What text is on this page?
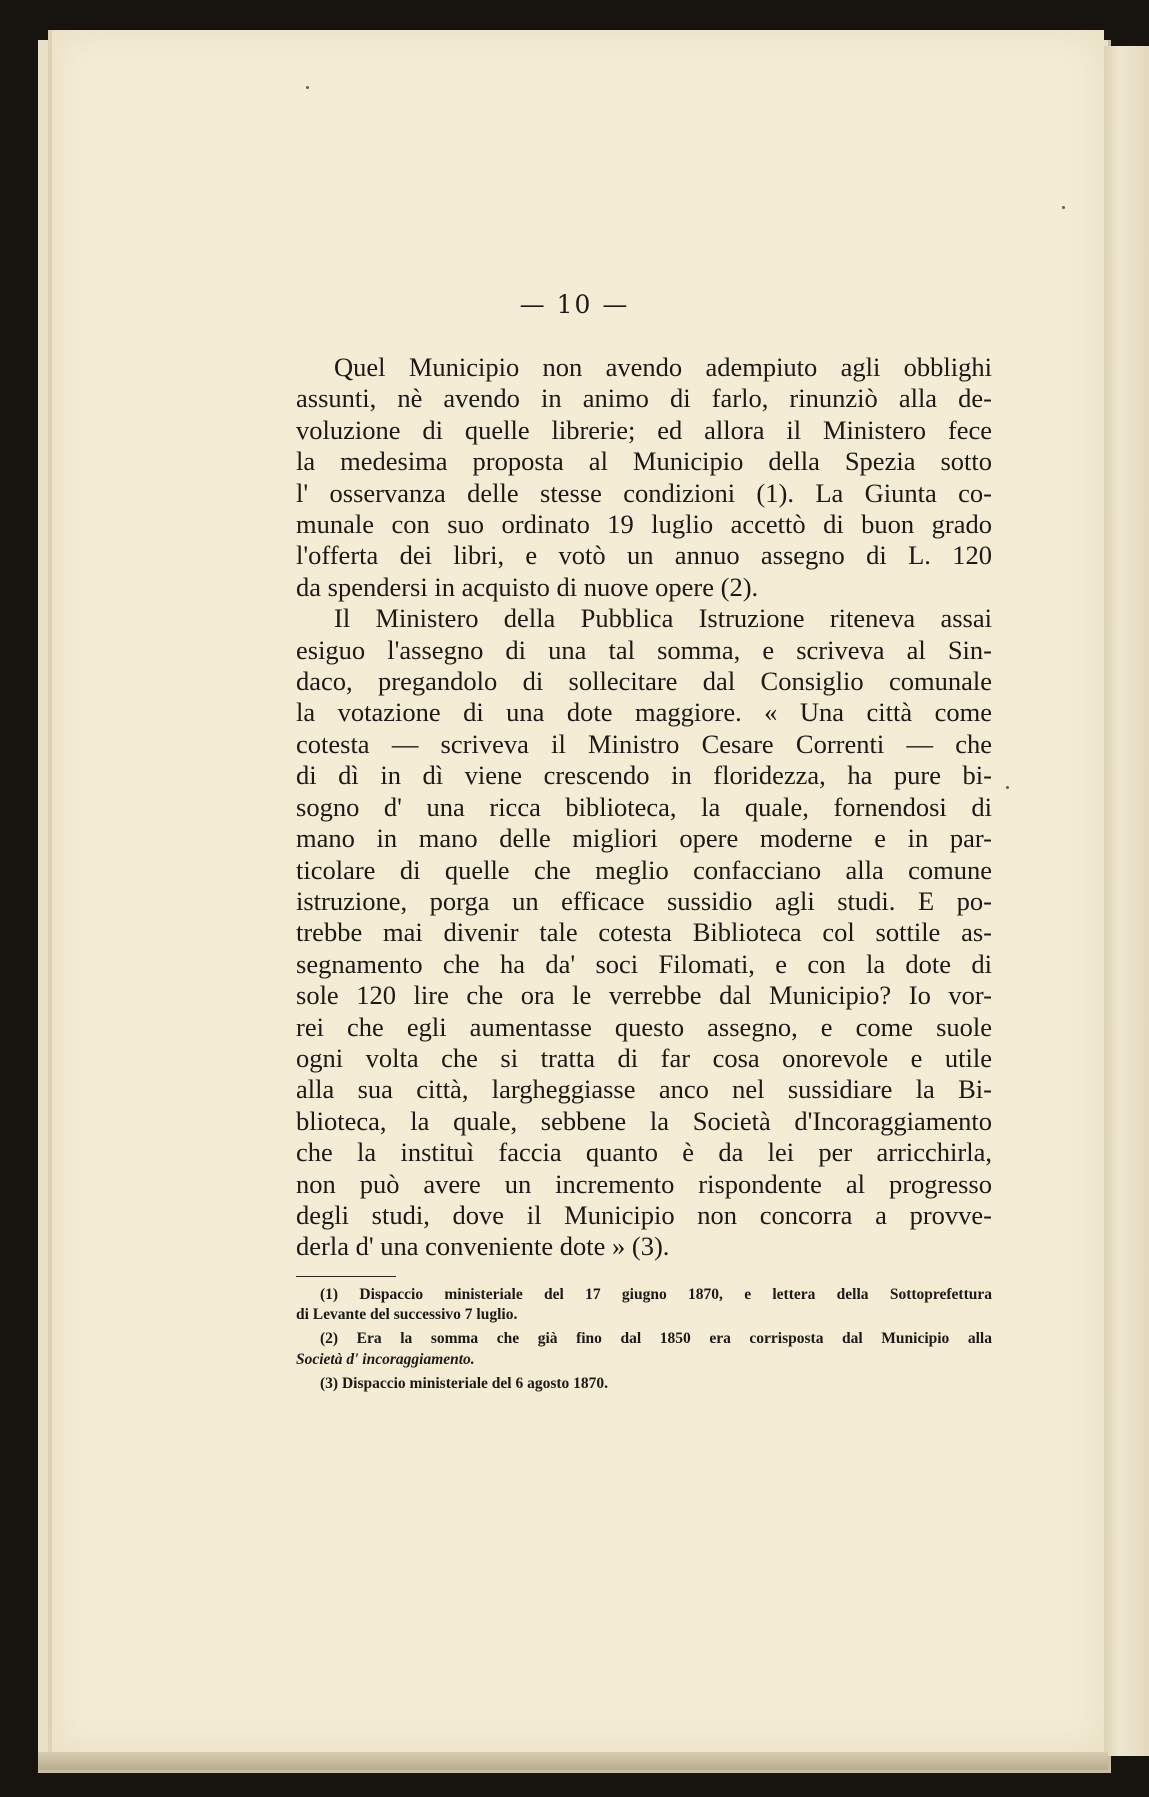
— 10 —

Quel Municipio non avendo adempiuto agli obblighi
assunti, nè avendo in animo di farlo, rinunziò alla de-
voluzione di quelle librerie; ed allora il Ministero fece
la medesima proposta al Municipio della Spezia sotto
l' osservanza delle stesse condizioni (1). La Giunta co-
munale con suo ordinato 19 luglio accettò di buon grado
l'offerta dei libri, e votò un annuo assegno di L. 120
da spendersi in acquisto di nuove opere (2).

Il Ministero della Pubblica Istruzione riteneva assai
esiguo l'assegno di una tal somma, e scriveva al Sin-
daco, pregandolo di sollecitare dal Consiglio comunale
la votazione di una dote maggiore. « Una città come
cotesta — scriveva il Ministro Cesare Correnti — che
di dì in dì viene crescendo in floridezza, ha pure bi-
sogno d' una ricca biblioteca, la quale, fornendosi di
mano in mano delle migliori opere moderne e in par-
ticolare di quelle che meglio confacciano alla comune
istruzione, porga un efficace sussidio agli studi. E po-
trebbe mai divenir tale cotesta Biblioteca col sottile as-
segnamento che ha da' soci Filomati, e con la dote di
sole 120 lire che ora le verrebbe dal Municipio? Io vor-
rei che egli aumentasse questo assegno, e come suole
ogni volta che si tratta di far cosa onorevole e utile
alla sua città, largheggiasse anco nel sussidiare la Bi-
blioteca, la quale, sebbene la Società d'Incoraggiamento
che la instituì faccia quanto è da lei per arricchirla,
non può avere un incremento rispondente al progresso
degli studi, dove il Municipio non concorra a provve-
derla d' una conveniente dote » (3).

(1) Dispaccio ministeriale del 17 giugno 1870, e lettera della Sottoprefettura
di Levante del successivo 7 luglio.
(2) Era la somma che già fino dal 1850 era corrisposta dal Municipio alla
Società d' incoraggiamento.
(3) Dispaccio ministeriale del 6 agosto 1870.
